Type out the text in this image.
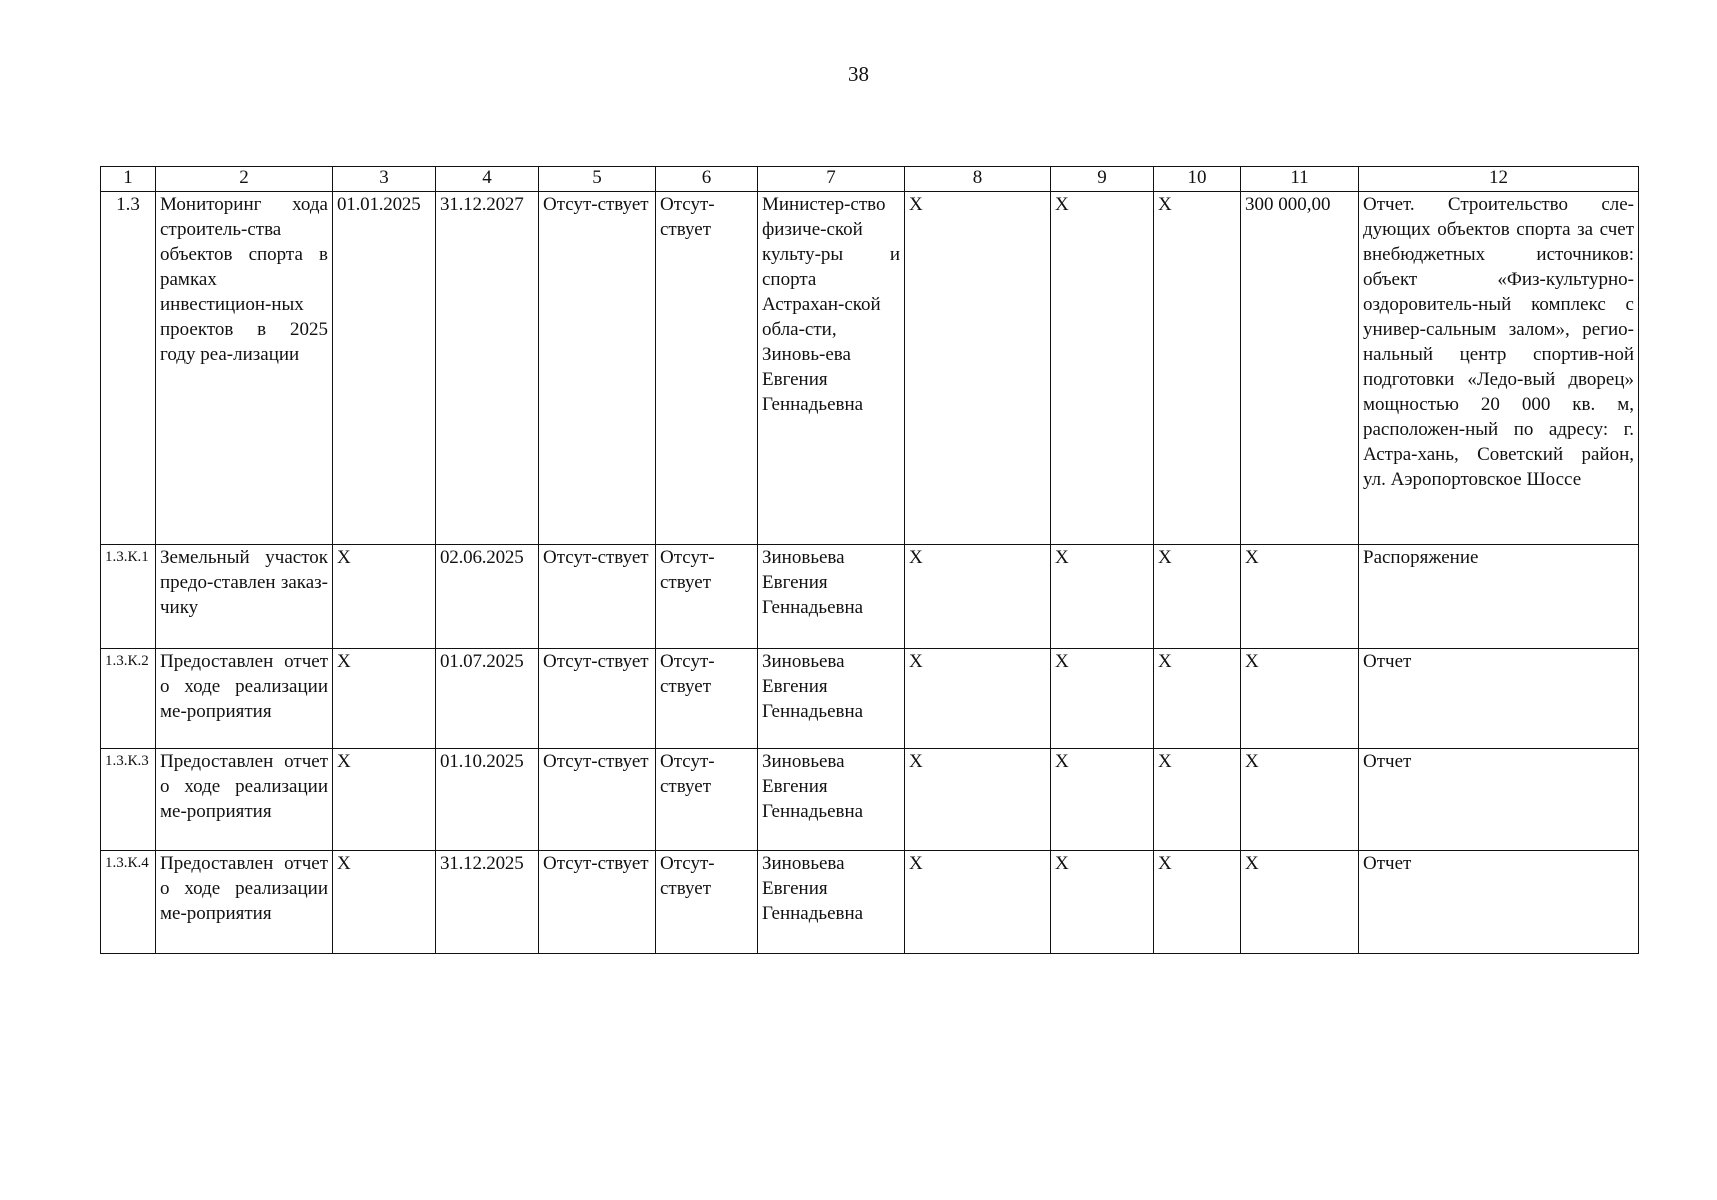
38
1	2	3	4	5	6	7	8	9	10	11	12
1.3	Мониторинг хода строитель-ства объектов спорта в рамках инвестицион-ных проектов в 2025 году реа-лизации	01.01.2025	31.12.2027	Отсут-ствует	Отсут-ствует	Министер-ство физиче-ской культу-ры и спорта Астрахан-ской обла-сти, Зиновь-ева Евгения Геннадьевна	X	X	X	300 000,00	Отчет. Строительство сле-дующих объектов спорта за счет внебюджетных источников: объект «Физ-культурно-оздоровитель-ный комплекс с универ-сальным залом», регио-нальный центр спортив-ной подготовки «Ледо-вый дворец» мощностью 20 000 кв. м, расположен-ный по адресу: г. Астра-хань, Советский район, ул. Аэропортовское Шоссе
1.3.К.1	Земельный участок предо-ставлен заказ-чику	X	02.06.2025	Отсут-ствует	Отсут-ствует	Зиновьева Евгения Геннадьевна	X	X	X	X	Распоряжение
1.3.К.2	Предоставлен отчет о ходе реализации ме-роприятия	X	01.07.2025	Отсут-ствует	Отсут-ствует	Зиновьева Евгения Геннадьевна	X	X	X	X	Отчет
1.3.К.3	Предоставлен отчет о ходе реализации ме-роприятия	X	01.10.2025	Отсут-ствует	Отсут-ствует	Зиновьева Евгения Геннадьевна	X	X	X	X	Отчет
1.3.К.4	Предоставлен отчет о ходе реализации ме-роприятия	X	31.12.2025	Отсут-ствует	Отсут-ствует	Зиновьева Евгения Геннадьевна	X	X	X	X	Отчет
